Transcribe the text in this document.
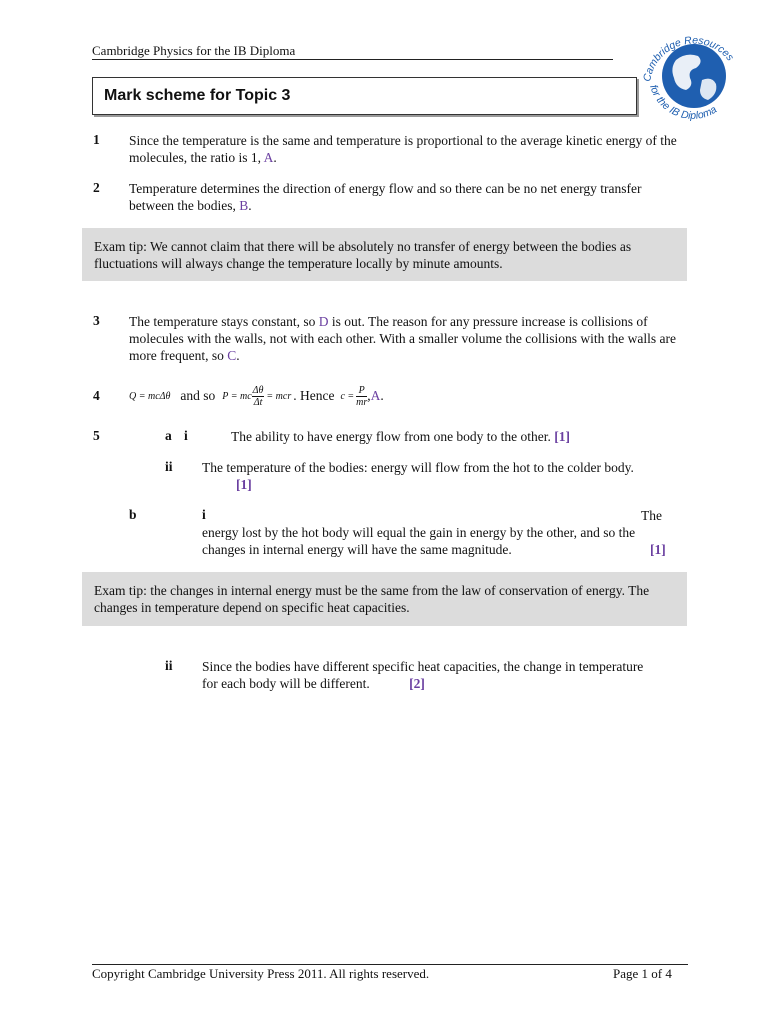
Cambridge Physics for the IB Diploma
Cambridge Resources
for the IB Diploma
Mark scheme for Topic 3
1 Since the temperature is the same and temperature is proportional to the average kinetic energy of the molecules, the ratio is 1, A.
2 Temperature determines the direction of energy flow and so there can be no net energy transfer between the bodies, B.
Exam tip: We cannot claim that there will be absolutely no transfer of energy between the bodies as fluctuations will always change the temperature locally by minute amounts.
3 The temperature stays constant, so D is out. The reason for any pressure increase is collisions of molecules with the walls, not with each other. With a smaller volume the collisions with the walls are more frequent, so C.
4	Q = mcΔθ and so P = mc $\frac{\Delta\theta}{\Delta t}$ = mcr . Hence $c = \frac{P}{mr}$ , A .
5	a i	The ability to have energy flow from one body to the other. [1]
ii The temperature of the bodies: energy will flow from the hot to the colder body. [1]
b	i	The
energy lost by the hot body will equal the gain in energy by the other, and so the changes in internal energy will have the same magnitude.	[1]
Exam tip: the changes in internal energy must be the same from the law of conservation of energy. The changes in temperature depend on specific heat capacities.
ii Since the bodies have different specific heat capacities, the change in temperature for each body will be different.	[2]
Copyright Cambridge University Press 2011. All rights reserved.	Page 1 of 4
